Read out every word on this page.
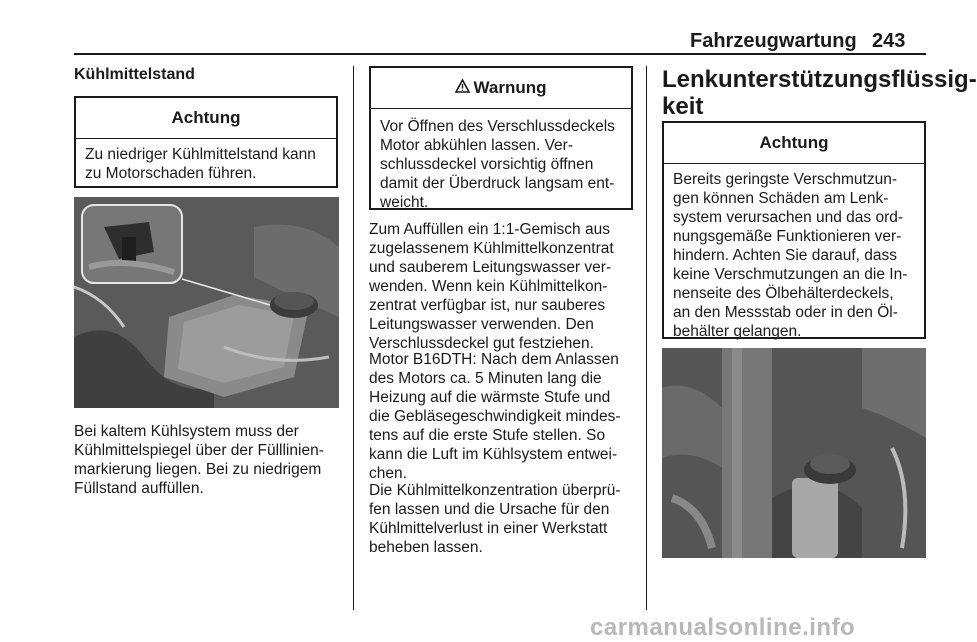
Fahrzeugwartung 243
Kühlmittelstand
Achtung
Zu niedriger Kühlmittelstand kann zu Motorschaden führen.
Bei kaltem Kühlsystem muss der Kühlmittelspiegel über der Fülllinienmarkierung liegen. Bei zu niedrigem Füllstand auffüllen.
Warnung
Vor Öffnen des Verschlussdeckels Motor abkühlen lassen. Verschlussdeckel vorsichtig öffnen damit der Überdruck langsam entweicht.
Zum Auffüllen ein 1:1-Gemisch aus zugelassenem Kühlmittelkonzentrat und sauberem Leitungswasser verwenden. Wenn kein Kühlmittelkonzentrat verfügbar ist, nur sauberes Leitungswasser verwenden. Den Verschlussdeckel gut festziehen.
Motor B16DTH: Nach dem Anlassen des Motors ca. 5 Minuten lang die Heizung auf die wärmste Stufe und die Gebläsegeschwindigkeit mindestens auf die erste Stufe stellen. So kann die Luft im Kühlsystem entweichen.
Die Kühlmittelkonzentration überprüfen lassen und die Ursache für den Kühlmittelverlust in einer Werkstatt beheben lassen.
Lenkunterstützungsflüssigkeit
Achtung
Bereits geringste Verschmutzungen können Schäden am Lenksystem verursachen und das ordnungsgemäße Funktionieren verhindern. Achten Sie darauf, dass keine Verschmutzungen an die Innenseite des Ölbehälterdeckels, an den Messstab oder in den Ölbehälter gelangen.
carmanualsonline.info
